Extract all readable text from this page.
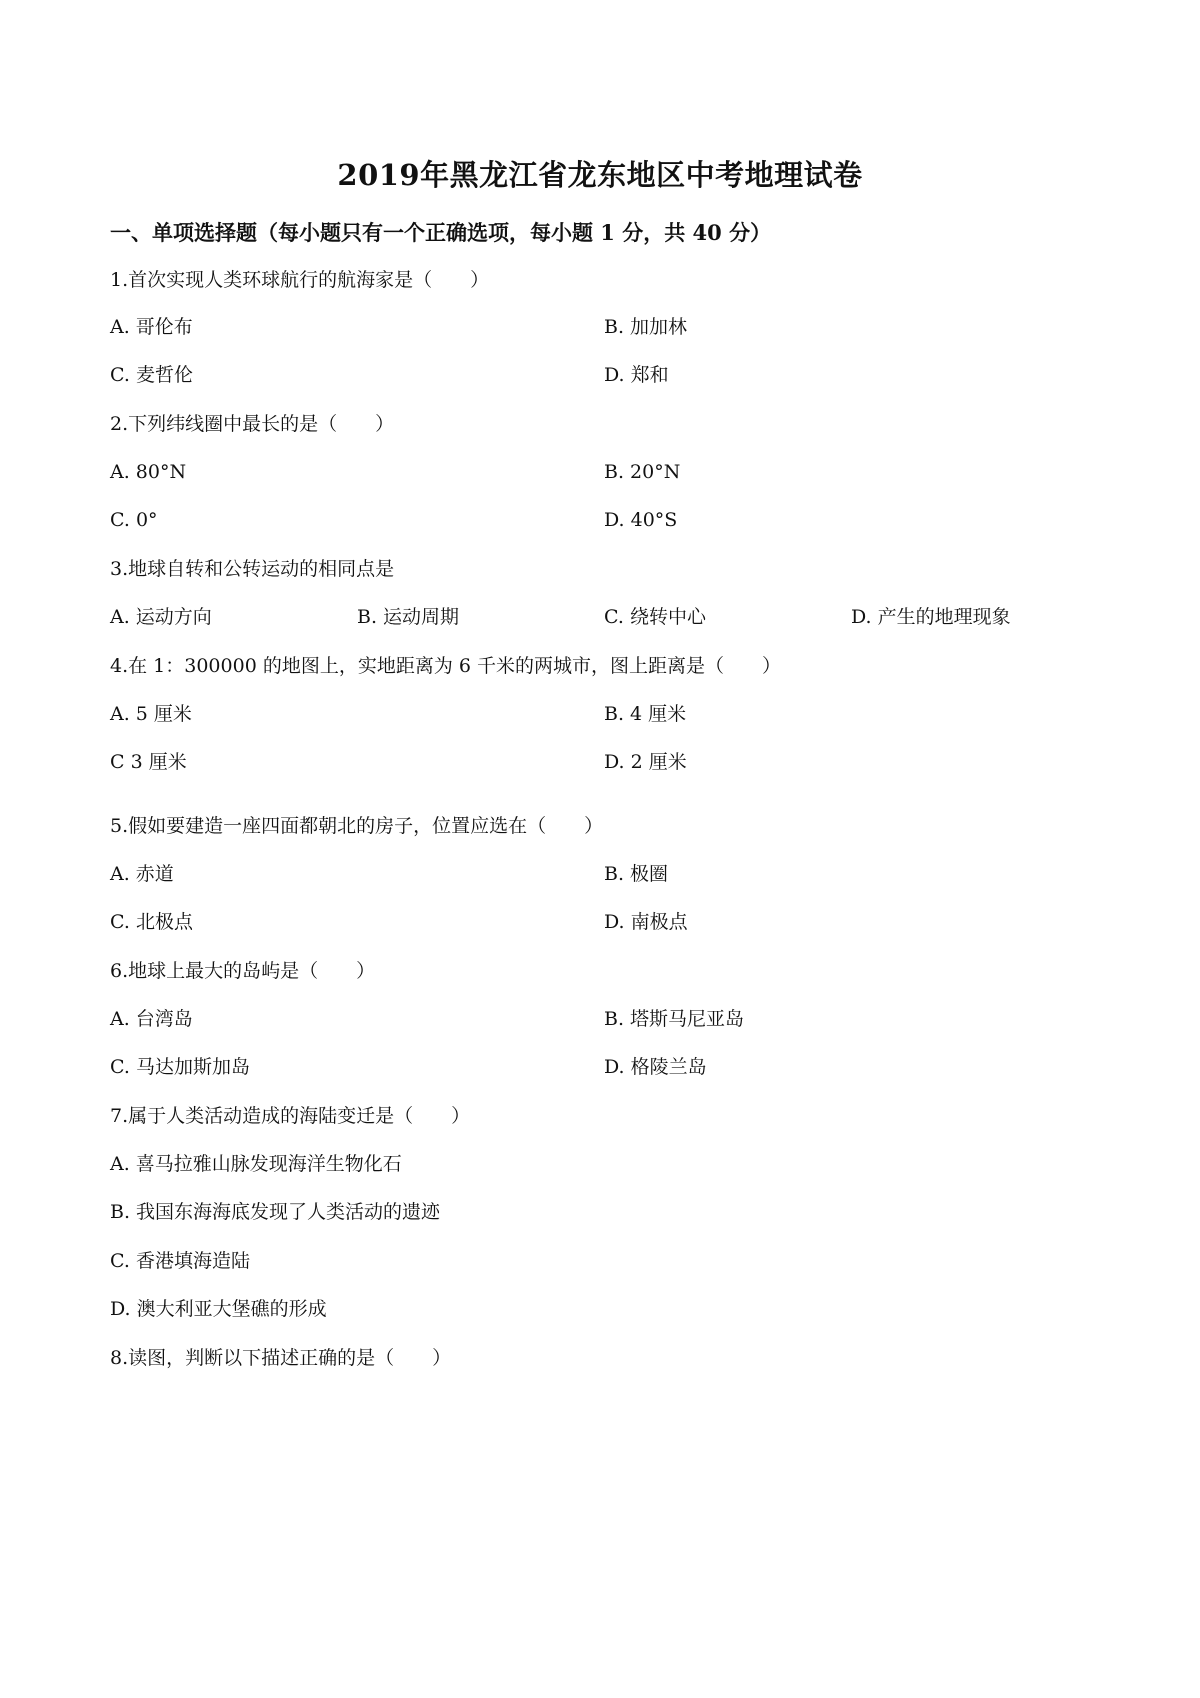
2019年黑龙江省龙东地区中考地理试卷
一、单项选择题（每小题只有一个正确选项，每小题 1 分，共 40 分）
1.首次实现人类环球航行的航海家是（　　）
A. 哥伦布	B. 加加林
C. 麦哲伦	D. 郑和
2.下列纬线圈中最长的是（　　）
A. 80°N	B. 20°N
C. 0°	D. 40°S
3.地球自转和公转运动的相同点是
A. 运动方向	B. 运动周期	C. 绕转中心	D. 产生的地理现象
4.在 1：300000 的地图上，实地距离为 6 千米的两城市，图上距离是（　　）
A. 5 厘米	B. 4 厘米
C 3 厘米	D. 2 厘米
5.假如要建造一座四面都朝北的房子，位置应选在（　　）
A. 赤道	B. 极圈
C. 北极点	D. 南极点
6.地球上最大的岛屿是（　　）
A. 台湾岛	B. 塔斯马尼亚岛
C. 马达加斯加岛	D. 格陵兰岛
7.属于人类活动造成的海陆变迁是（　　）
A. 喜马拉雅山脉发现海洋生物化石
B. 我国东海海底发现了人类活动的遗迹
C. 香港填海造陆
D. 澳大利亚大堡礁的形成
8.读图，判断以下描述正确的是（　　）
